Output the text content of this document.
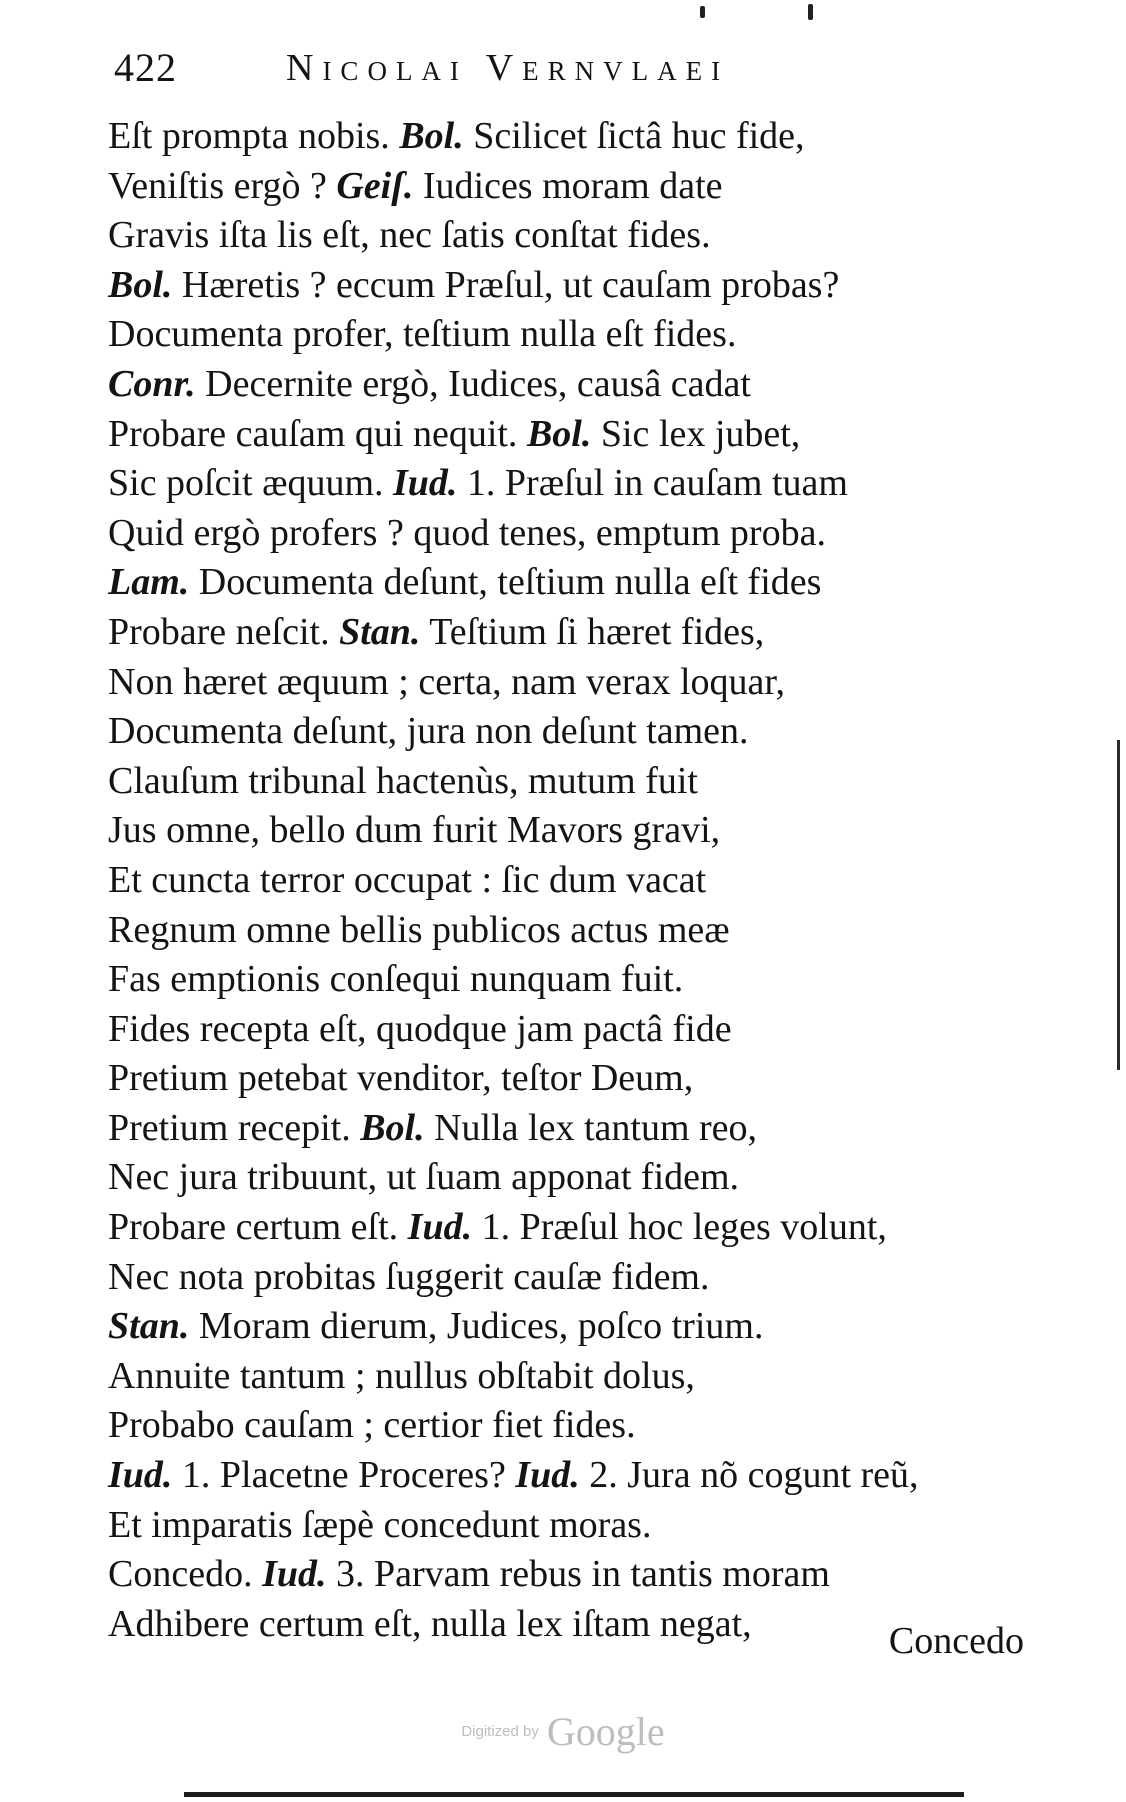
422	Nicolai Vernvlaei
Eſt prompta nobis. Bol. Scilicet ſictâ huc fide,
Veniſtis ergò ? Geiſ. Iudices moram date
Gravis iſta lis eſt, nec ſatis conſtat fides.
Bol. Hæretis ? eccum Præſul, ut cauſam probas?
Documenta profer, teſtium nulla eſt fides.
Conr. Decernite ergò, Iudices, causâ cadat
Probare cauſam qui nequit. Bol. Sic lex jubet,
Sic poſcit æquum. Iud. 1. Præſul in cauſam tuam
Quid ergò profers ? quod tenes, emptum proba.
Lam. Documenta deſunt, teſtium nulla eſt fides
Probare neſcit. Stan. Teſtium ſi hæret fides,
Non hæret æquum ; certa, nam verax loquar,
Documenta deſunt, jura non deſunt tamen.
Clauſum tribunal hactenùs, mutum fuit
Jus omne, bello dum furit Mavors gravi,
Et cuncta terror occupat : ſic dum vacat
Regnum omne bellis publicos actus meæ
Fas emptionis conſequi nunquam fuit.
Fides recepta eſt, quodque jam pactâ fide
Pretium petebat venditor, teſtor Deum,
Pretium recepit. Bol. Nulla lex tantum reo,
Nec jura tribuunt, ut ſuam apponat fidem.
Probare certum eſt. Iud. 1. Præſul hoc leges volunt,
Nec nota probitas ſuggerit cauſæ fidem.
Stan. Moram dierum, Judices, poſco trium.
Annuite tantum ; nullus obſtabit dolus,
Probabo cauſam ; certior fiet fides.
Iud. 1. Placetne Proceres? Iud. 2. Jura nõ cogunt reũ,
Et imparatis ſæpè concedunt moras.
Concedo. Iud. 3. Parvam rebus in tantis moram
Adhibere certum eſt, nulla lex iſtam negat,	Concedo
Digitized by Google
